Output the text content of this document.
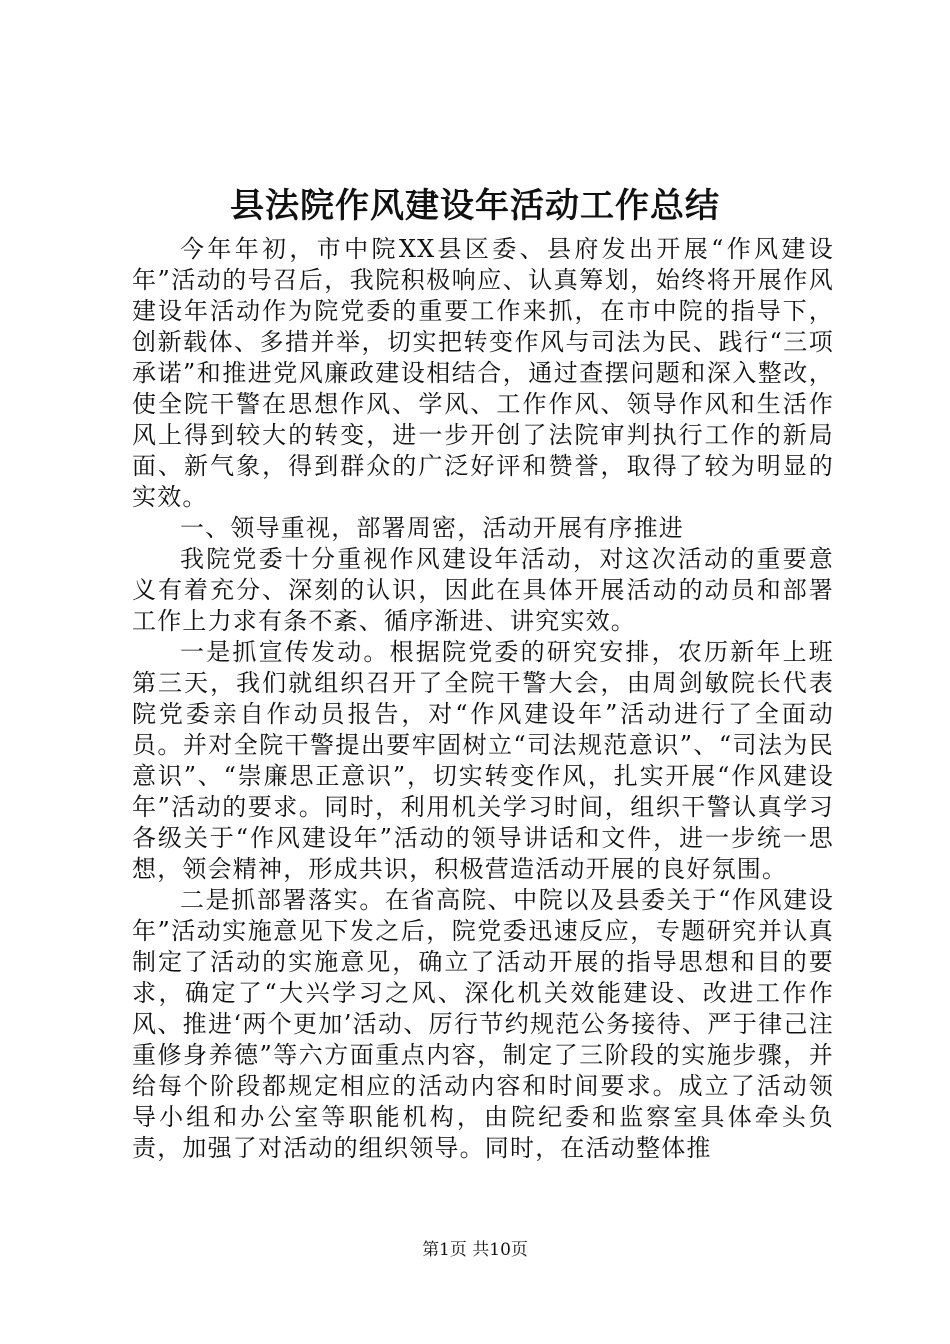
县法院作风建设年活动工作总结

今年年初，市中院XX县区委、县府发出开展“作风建设年”活动的号召后，我院积极响应、认真筹划，始终将开展作风建设年活动作为院党委的重要工作来抓，在市中院的指导下，创新载体、多措并举，切实把转变作风与司法为民、践行“三项承诺”和推进党风廉政建设相结合，通过查摆问题和深入整改，使全院干警在思想作风、学风、工作作风、领导作风和生活作风上得到较大的转变，进一步开创了法院审判执行工作的新局面、新气象，得到群众的广泛好评和赞誉，取得了较为明显的实效。

一、领导重视，部署周密，活动开展有序推进

我院党委十分重视作风建设年活动，对这次活动的重要意义有着充分、深刻的认识，因此在具体开展活动的动员和部署工作上力求有条不紊、循序渐进、讲究实效。

一是抓宣传发动。根据院党委的研究安排，农历新年上班第三天，我们就组织召开了全院干警大会，由周剑敏院长代表院党委亲自作动员报告，对“作风建设年”活动进行了全面动员。并对全院干警提出要牢固树立“司法规范意识”、“司法为民意识”、“崇廉思正意识”，切实转变作风，扎实开展“作风建设年”活动的要求。同时，利用机关学习时间，组织干警认真学习各级关于“作风建设年”活动的领导讲话和文件，进一步统一思想，领会精神，形成共识，积极营造活动开展的良好氛围。

二是抓部署落实。在省高院、中院以及县委关于“作风建设年”活动实施意见下发之后，院党委迅速反应，专题研究并认真制定了活动的实施意见，确立了活动开展的指导思想和目的要求，确定了“大兴学习之风、深化机关效能建设、改进工作作风、推进‘两个更加’活动、厉行节约规范公务接待、严于律己注重修身养德”等六方面重点内容，制定了三阶段的实施步骤，并给每个阶段都规定相应的活动内容和时间要求。成立了活动领导小组和办公室等职能机构，由院纪委和监察室具体牵头负责，加强了对活动的组织领导。同时，在活动整体推

第1页 共10页
